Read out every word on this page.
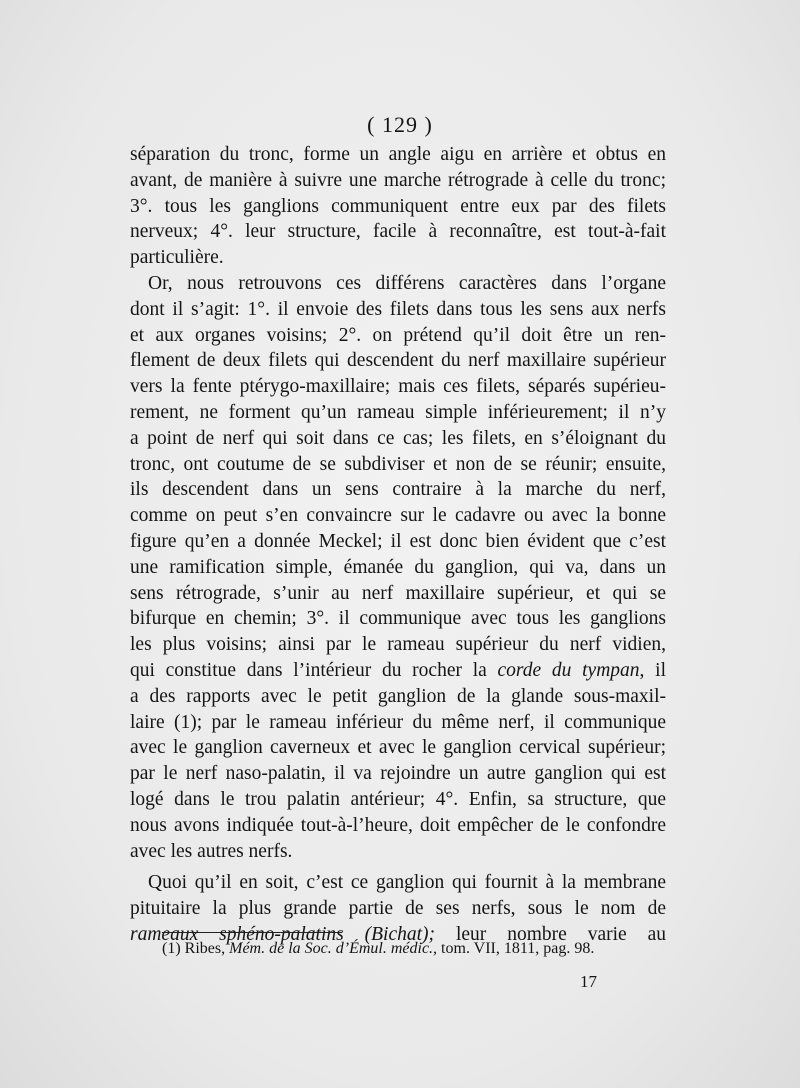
( 129 )
séparation du tronc, forme un angle aigu en arrière et obtus en
avant, de manière à suivre une marche rétrograde à celle du tronc;
3°. tous les ganglions communiquent entre eux par des filets
nerveux; 4°. leur structure, facile à reconnaître, est tout-à-fait
particulière.
Or, nous retrouvons ces différens caractères dans l’organe
dont il s’agit: 1°. il envoie des filets dans tous les sens aux nerfs
et aux organes voisins; 2°. on prétend qu’il doit être un ren-
flement de deux filets qui descendent du nerf maxillaire supérieur
vers la fente ptérygo-maxillaire; mais ces filets, séparés supérieu-
rement, ne forment qu’un rameau simple inférieurement; il n’y
a point de nerf qui soit dans ce cas; les filets, en s’éloignant du
tronc, ont coutume de se subdiviser et non de se réunir; ensuite,
ils descendent dans un sens contraire à la marche du nerf,
comme on peut s’en convaincre sur le cadavre ou avec la bonne
figure qu’en a donnée Meckel; il est donc bien évident que c’est
une ramification simple, émanée du ganglion, qui va, dans un
sens rétrograde, s’unir au nerf maxillaire supérieur, et qui se
bifurque en chemin; 3°. il communique avec tous les ganglions
les plus voisins; ainsi par le rameau supérieur du nerf vidien,
qui constitue dans l’intérieur du rocher la corde du tympan, il
a des rapports avec le petit ganglion de la glande sous-maxil-
laire (1); par le rameau inférieur du même nerf, il communique
avec le ganglion caverneux et avec le ganglion cervical supérieur;
par le nerf naso-palatin, il va rejoindre un autre ganglion qui est
logé dans le trou palatin antérieur; 4°. Enfin, sa structure, que
nous avons indiquée tout-à-l’heure, doit empêcher de le confondre
avec les autres nerfs.
Quoi qu’il en soit, c’est ce ganglion qui fournit à la membrane
pituitaire la plus grande partie de ses nerfs, sous le nom de
rameaux sphéno-palatins (Bichat); leur nombre varie au
(1) Ribes, Mém. de la Soc. d’Émul. médic., tom. VII, 1811, pag. 98.
17
